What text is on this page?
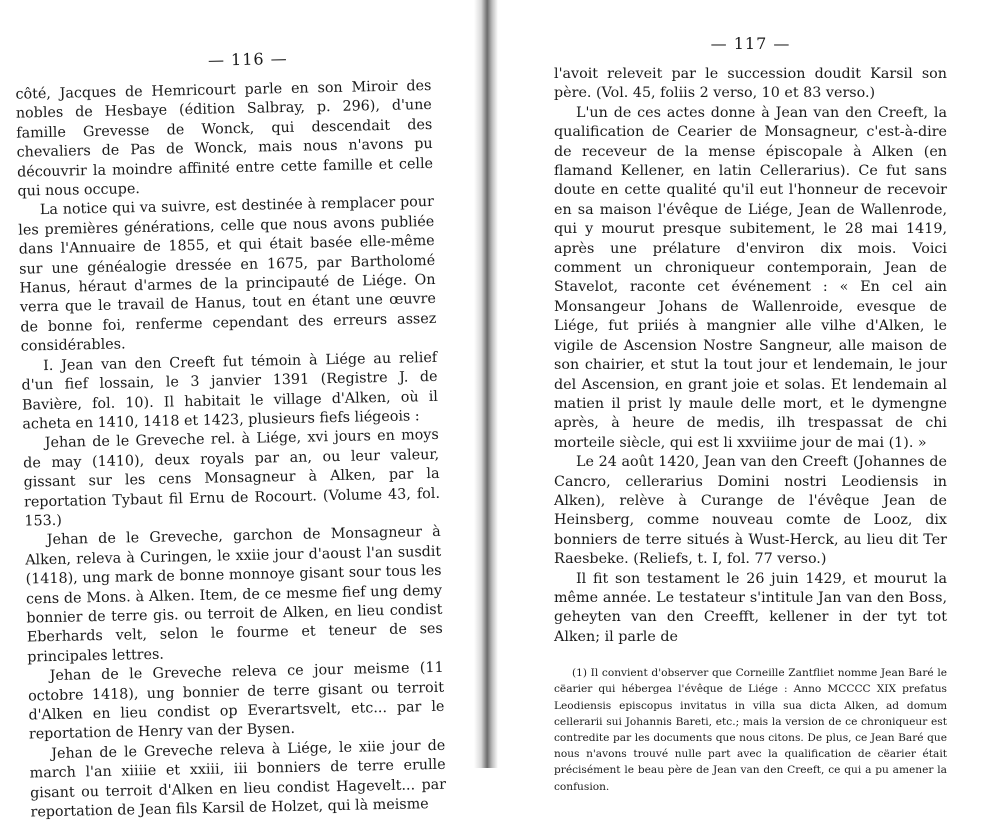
— 116 —

côté, Jacques de Hemricourt parle en son Miroir des nobles de Hesbaye (édition Salbray, p. 296), d'une famille Grevesse de Wonck, qui descendait des chevaliers de Pas de Wonck, mais nous n'avons pu découvrir la moindre affinité entre cette famille et celle qui nous occupe.

La notice qui va suivre, est destinée à remplacer pour les premières générations, celle que nous avons publiée dans l'Annuaire de 1855, et qui était basée elle-même sur une généalogie dressée en 1675, par Bartholomé Hanus, héraut d'armes de la principauté de Liége. On verra que le travail de Hanus, tout en étant une œuvre de bonne foi, renferme cependant des erreurs assez considérables.

I. Jean van den Creeft fut témoin à Liége au relief d'un fief lossain, le 3 janvier 1391 (Registre J. de Bavière, fol. 10). Il habitait le village d'Alken, où il acheta en 1410, 1418 et 1423, plusieurs fiefs liégeois :

Jehan de le Greveche rel. à Liége, xvi jours en moys de may (1410), deux royals par an, ou leur valeur, gissant sur les cens Monsagneur à Alken, par la reportation Tybaut fil Ernu de Rocourt. (Volume 43, fol. 153.)

Jehan de le Greveche, garchon de Monsagneur à Alken, releva à Curingen, le xxiie jour d'aoust l'an susdit (1418), ung mark de bonne monnoye gisant sour tous les cens de Mons. à Alken. Item, de ce mesme fief ung demy bonnier de terre gis. ou terroit de Alken, en lieu condist Eberhards velt, selon le fourme et teneur de ses principales lettres.

Jehan de le Greveche releva ce jour meisme (11 octobre 1418), ung bonnier de terre gisant ou terroit d'Alken en lieu condist op Everartsvelt, etc... par le reportation de Henry van der Bysen.

Jehan de le Greveche releva à Liége, le xiie jour de march l'an xiiiie et xxiii, iii bonniers de terre erulle gisant ou terroit d'Alken en lieu condist Hagevelt... par reportation de Jean fils Karsil de Holzet, qui là meisme

— 117 —

l'avoit releveit par le succession doudit Karsil son père. (Vol. 45, foliis 2 verso, 10 et 83 verso.)

L'un de ces actes donne à Jean van den Creeft, la qualification de Cearier de Monsagneur, c'est-à-dire de receveur de la mense épiscopale à Alken (en flamand Kellener, en latin Cellerarius). Ce fut sans doute en cette qualité qu'il eut l'honneur de recevoir en sa maison l'évêque de Liége, Jean de Wallenrode, qui y mourut presque subitement, le 28 mai 1419, après une prélature d'environ dix mois. Voici comment un chroniqueur contemporain, Jean de Stavelot, raconte cet événement : « En cel ain Monsangeur Johans de Wallenroide, evesque de Liége, fut priiés à mangnier alle vilhe d'Alken, le vigile de Ascension Nostre Sangneur, alle maison de son chairier, et stut la tout jour et lendemain, le jour del Ascension, en grant joie et solas. Et lendemain al matien il prist ly maule delle mort, et le dymengne après, à heure de medis, ilh trespassat de chi morteile siècle, qui est li xxviiime jour de mai (1). »

Le 24 août 1420, Jean van den Creeft (Johannes de Cancro, cellerarius Domini nostri Leodiensis in Alken), relève à Curange de l'évêque Jean de Heinsberg, comme nouveau comte de Looz, dix bonniers de terre situés à Wust-Herck, au lieu dit Ter Raesbeke. (Reliefs, t. I, fol. 77 verso.)

Il fit son testament le 26 juin 1429, et mourut la même année. Le testateur s'intitule Jan van den Boss, geheyten van den Creefft, kellener in der tyt tot Alken; il parle de

(1) Il convient d'observer que Corneille Zantfliet nomme Jean Baré le cëarier qui hébergea l'évêque de Liége : Anno MCCCC XIX prefatus Leodiensis episcopus invitatus in villa sua dicta Alken, ad domum cellerarii sui Johannis Bareti, etc.; mais la version de ce chroniqueur est contredite par les documents que nous citons. De plus, ce Jean Baré que nous n'avons trouvé nulle part avec la qualification de cëarier était précisément le beau père de Jean van den Creeft, ce qui a pu amener la confusion.
